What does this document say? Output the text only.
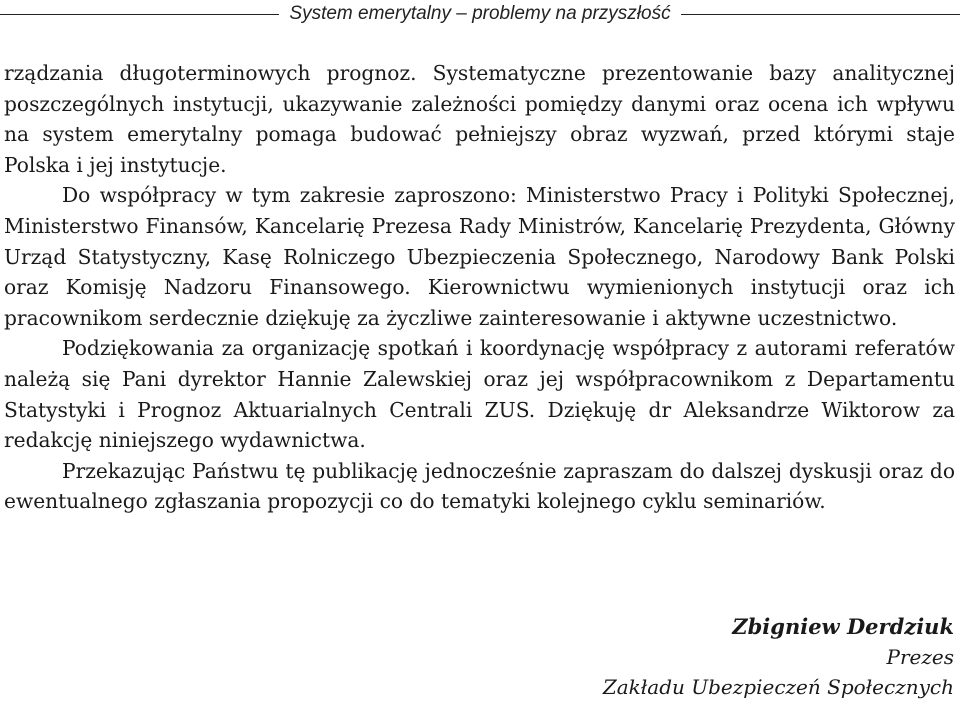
System emerytalny – problemy na przyszłość

rządzania długoterminowych prognoz. Systematyczne prezentowanie bazy analitycznej poszczególnych instytucji, ukazywanie zależności pomiędzy danymi oraz ocena ich wpływu na system emerytalny pomaga budować pełniejszy obraz wyzwań, przed którymi staje Polska i jej instytucje.

Do współpracy w tym zakresie zaproszono: Ministerstwo Pracy i Polityki Społecznej, Ministerstwo Finansów, Kancelarię Prezesa Rady Ministrów, Kancelarię Prezydenta, Główny Urząd Statystyczny, Kasę Rolniczego Ubezpieczenia Społecznego, Narodowy Bank Polski oraz Komisję Nadzoru Finansowego. Kierownictwu wymienionych instytucji oraz ich pracownikom serdecznie dziękuję za życzliwe zainteresowanie i aktywne uczestnictwo.

Podziękowania za organizację spotkań i koordynację współpracy z autorami referatów należą się Pani dyrektor Hannie Zalewskiej oraz jej współpracownikom z Departamentu Statystyki i Prognoz Aktuarialnych Centrali ZUS. Dziękuję dr Aleksandrze Wiktorow za redakcję niniejszego wydawnictwa.

Przekazując Państwu tę publikację jednocześnie zapraszam do dalszej dyskusji oraz do ewentualnego zgłaszania propozycji co do tematyki kolejnego cyklu seminariów.

Zbigniew Derdziuk
Prezes
Zakładu Ubezpieczeń Społecznych
